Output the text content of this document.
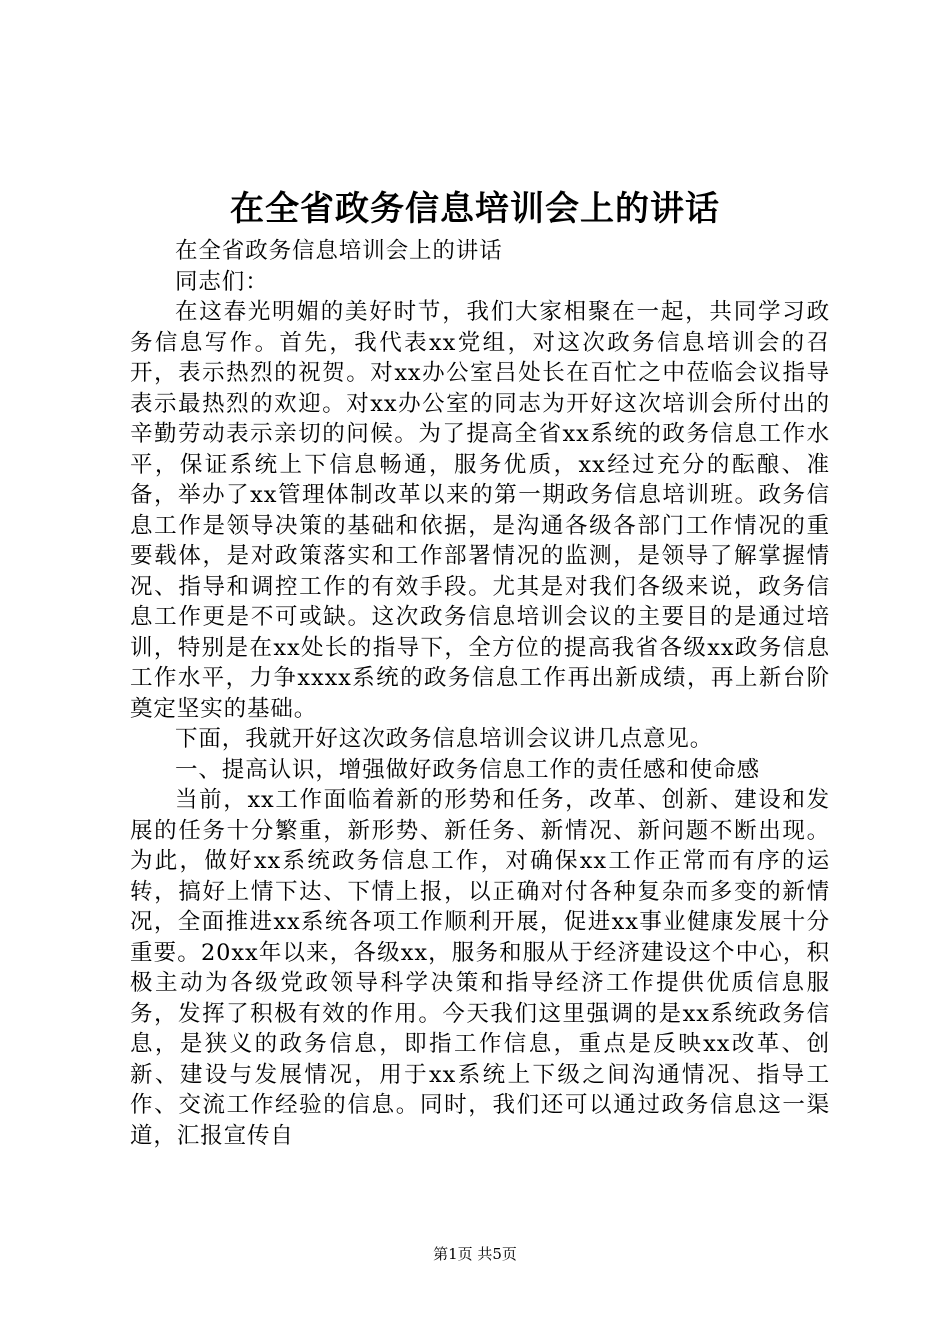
在全省政务信息培训会上的讲话

在全省政务信息培训会上的讲话

同志们：

在这春光明媚的美好时节，我们大家相聚在一起，共同学习政务信息写作。首先，我代表xx党组，对这次政务信息培训会的召开，表示热烈的祝贺。对xx办公室吕处长在百忙之中莅临会议指导表示最热烈的欢迎。对xx办公室的同志为开好这次培训会所付出的辛勤劳动表示亲切的问候。为了提高全省xx系统的政务信息工作水平，保证系统上下信息畅通，服务优质，xx经过充分的酝酿、准备，举办了xx管理体制改革以来的第一期政务信息培训班。政务信息工作是领导决策的基础和依据，是沟通各级各部门工作情况的重要载体，是对政策落实和工作部署情况的监测，是领导了解掌握情况、指导和调控工作的有效手段。尤其是对我们各级来说，政务信息工作更是不可或缺。这次政务信息培训会议的主要目的是通过培训，特别是在xx处长的指导下，全方位的提高我省各级xx政务信息工作水平，力争xxxx系统的政务信息工作再出新成绩，再上新台阶奠定坚实的基础。

下面，我就开好这次政务信息培训会议讲几点意见。

一、提高认识，增强做好政务信息工作的责任感和使命感

当前，xx工作面临着新的形势和任务，改革、创新、建设和发展的任务十分繁重，新形势、新任务、新情况、新问题不断出现。为此，做好xx系统政务信息工作，对确保xx工作正常而有序的运转，搞好上情下达、下情上报，以正确对付各种复杂而多变的新情况，全面推进xx系统各项工作顺利开展，促进xx事业健康发展十分重要。20xx年以来，各级xx，服务和服从于经济建设这个中心，积极主动为各级党政领导科学决策和指导经济工作提供优质信息服务，发挥了积极有效的作用。今天我们这里强调的是xx系统政务信息，是狭义的政务信息，即指工作信息，重点是反映xx改革、创新、建设与发展情况，用于xx系统上下级之间沟通情况、指导工作、交流工作经验的信息。同时，我们还可以通过政务信息这一渠道，汇报宣传自

第1页 共5页
